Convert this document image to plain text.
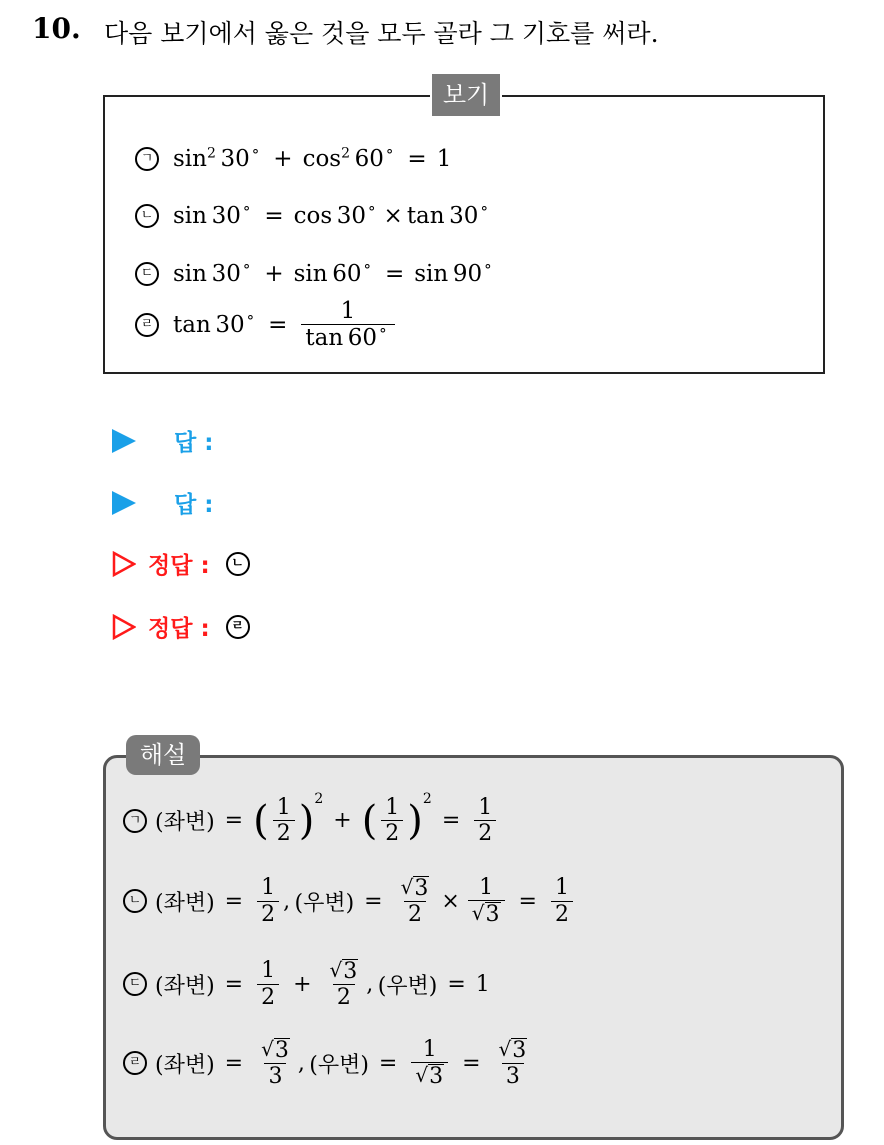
10. 다음 보기에서 옳은 것을 모두 골라 그 기호를 써라.
보기
ㄱ $\sin^2 30$ $^\circ + \cos^2 60$ ° = 1
ㄴ sin 30 ° = cos 30 ° × tan 30 °
ㄷ sin 30 ° + sin 60 ° = sin 90 °
ㄹ tan 30 $^\circ = \frac{1}{\tan 60 ^\circ}$
답 :
답 :
정답 :	ㄴ
정답 :	ㄹ
해설
ㄱ (좌변) = ( $\frac{1}{2}$ ) 2
+ ( $\frac{1}{2}$ ) 2
= $\frac{1}{2}$
ㄴ (좌변) = $\frac{1}{2}$ ,  (우변) = $\frac{√ 3}{2} \times \frac{1}{√ 3} = \frac{1}{2}$
ㄷ (좌변) = $\frac{1}{2} + \frac{√ 3}{2}$ ,  (우변) = 1
ㄹ (좌변) = $\frac{√ 3}{3}$ ,  (우변) = $\frac{1}{√ 3} = \frac{√ 3}{3}$
